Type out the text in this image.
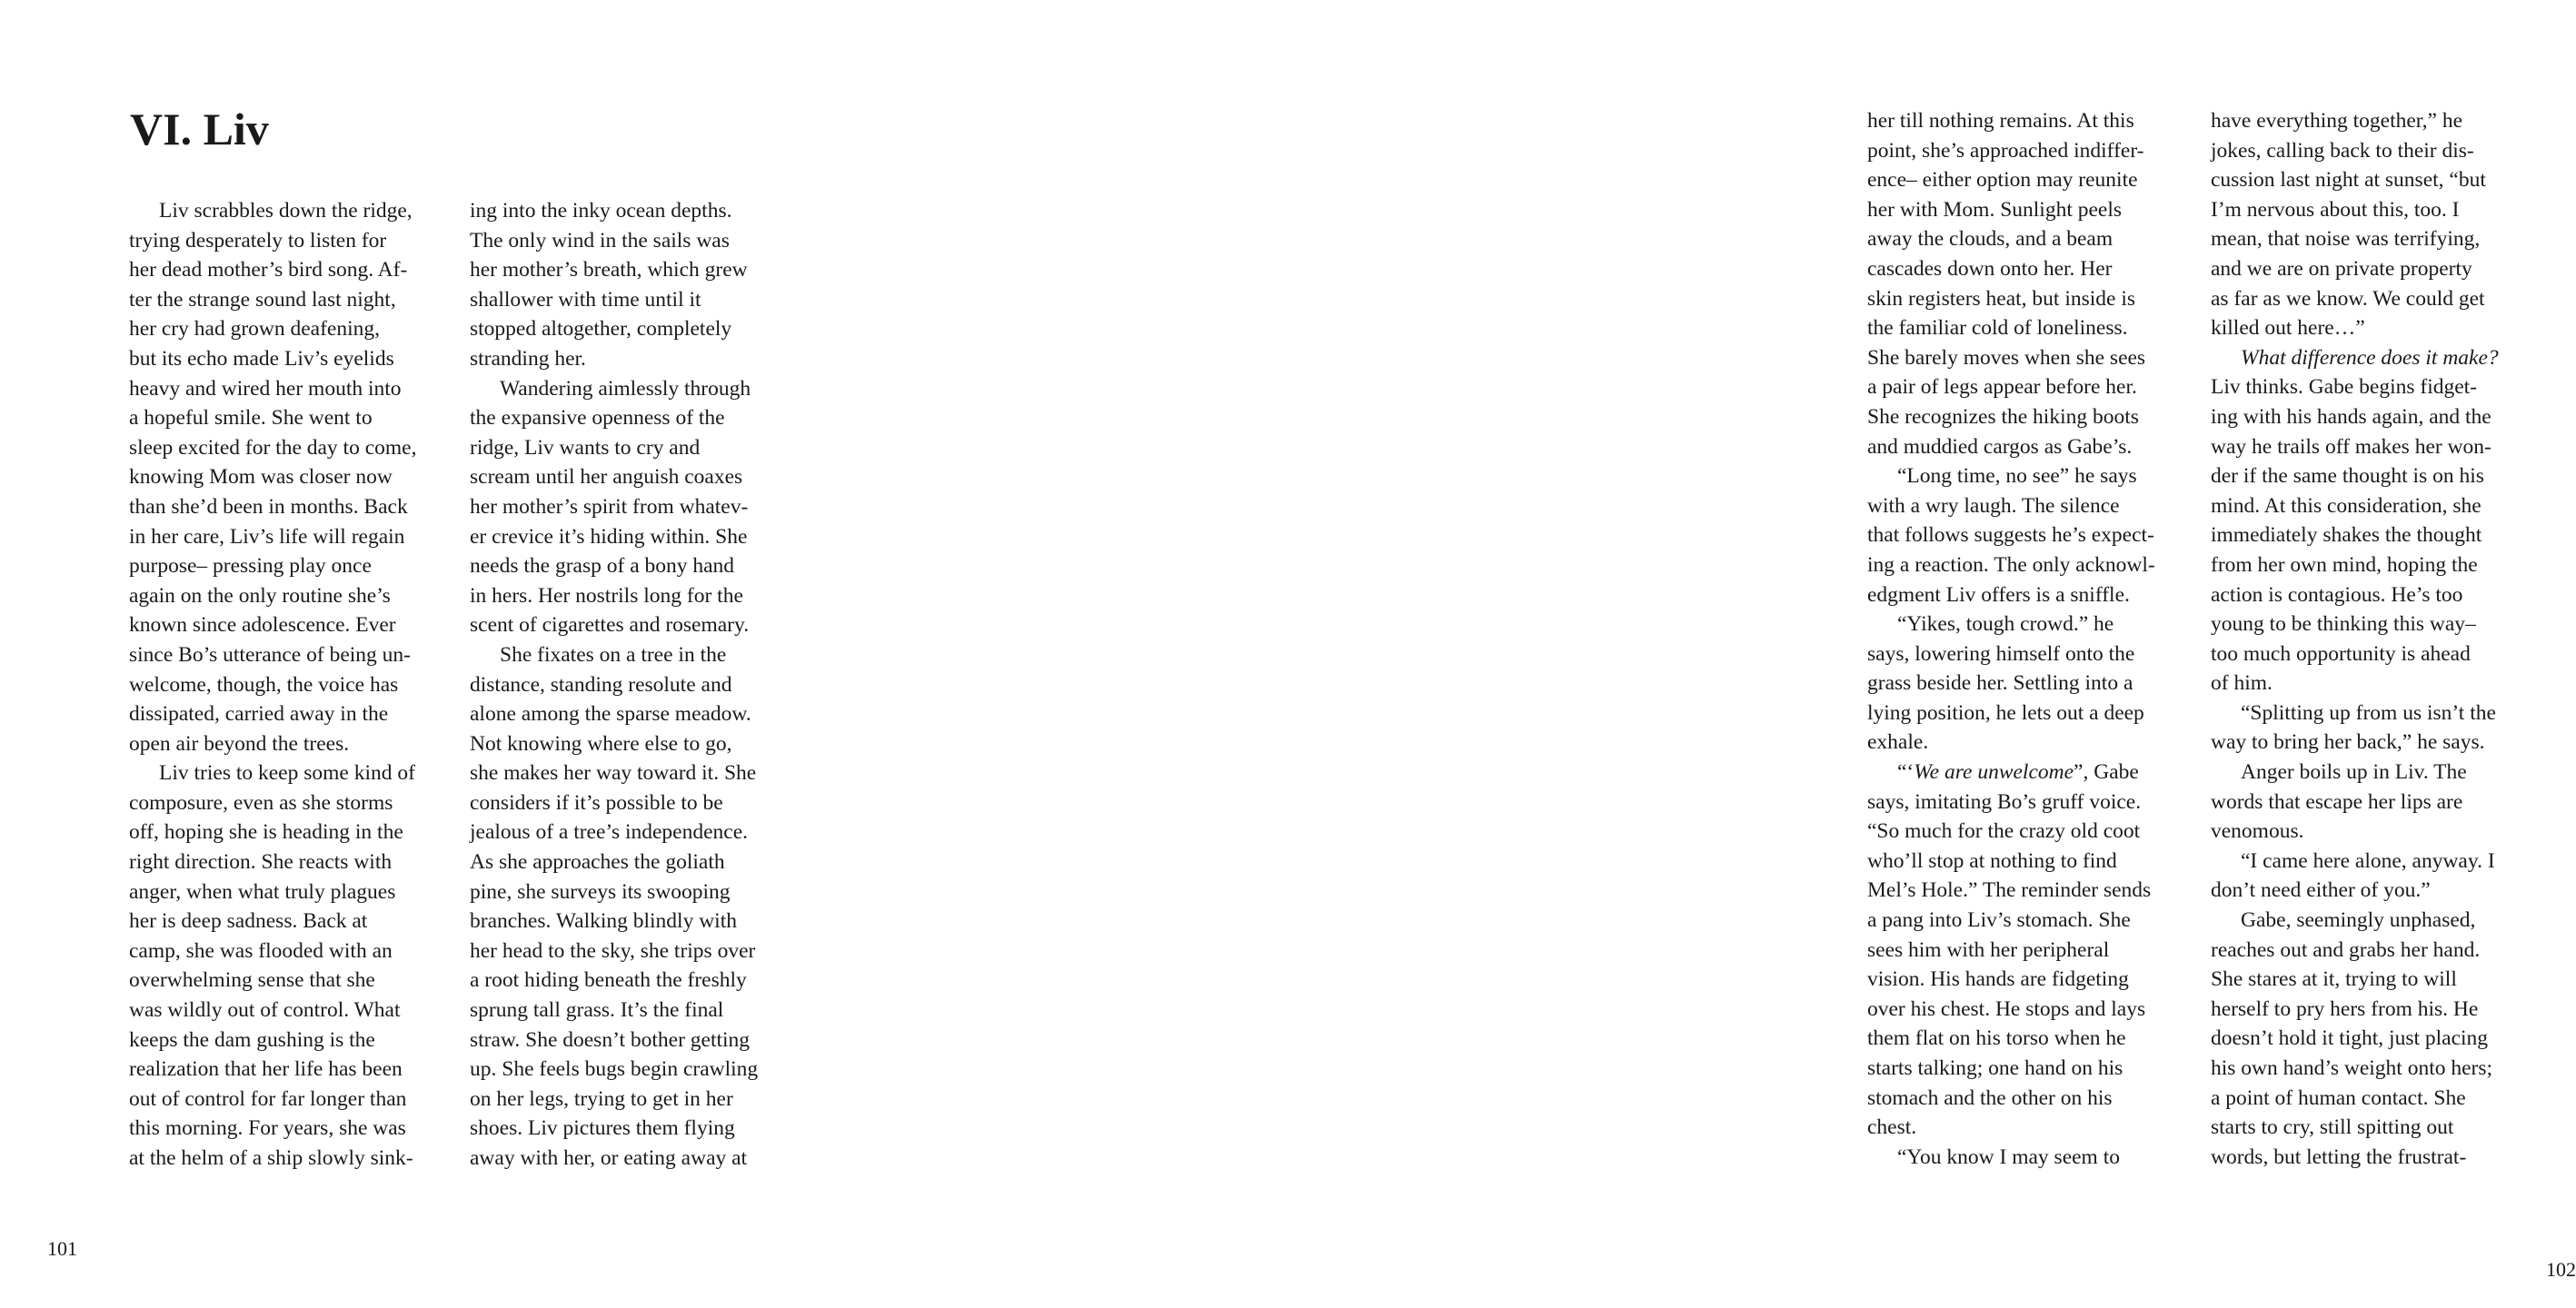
VI. Liv
Liv scrabbles down the ridge,
trying desperately to listen for
her dead mother’s bird song. Af-
ter the strange sound last night,
her cry had grown deafening,
but its echo made Liv’s eyelids
heavy and wired her mouth into
a hopeful smile. She went to
sleep excited for the day to come,
knowing Mom was closer now
than she’d been in months. Back
in her care, Liv’s life will regain
purpose– pressing play once
again on the only routine she’s
known since adolescence. Ever
since Bo’s utterance of being un-
welcome, though, the voice has
dissipated, carried away in the
open air beyond the trees.
Liv tries to keep some kind of
composure, even as she storms
off, hoping she is heading in the
right direction. She reacts with
anger, when what truly plagues
her is deep sadness. Back at
camp, she was flooded with an
overwhelming sense that she
was wildly out of control. What
keeps the dam gushing is the
realization that her life has been
out of control for far longer than
this morning. For years, she was
at the helm of a ship slowly sink-
ing into the inky ocean depths.
The only wind in the sails was
her mother’s breath, which grew
shallower with time until it
stopped altogether, completely
stranding her.
Wandering aimlessly through
the expansive openness of the
ridge, Liv wants to cry and
scream until her anguish coaxes
her mother’s spirit from whatev-
er crevice it’s hiding within. She
needs the grasp of a bony hand
in hers. Her nostrils long for the
scent of cigarettes and rosemary.
She fixates on a tree in the
distance, standing resolute and
alone among the sparse meadow.
Not knowing where else to go,
she makes her way toward it. She
considers if it’s possible to be
jealous of a tree’s independence.
As she approaches the goliath
pine, she surveys its swooping
branches. Walking blindly with
her head to the sky, she trips over
a root hiding beneath the freshly
sprung tall grass. It’s the final
straw. She doesn’t bother getting
up. She feels bugs begin crawling
on her legs, trying to get in her
shoes. Liv pictures them flying
away with her, or eating away at
101
her till nothing remains. At this
point, she’s approached indiffer-
ence– either option may reunite
her with Mom. Sunlight peels
away the clouds, and a beam
cascades down onto her. Her
skin registers heat, but inside is
the familiar cold of loneliness.
She barely moves when she sees
a pair of legs appear before her.
She recognizes the hiking boots
and muddied cargos as Gabe’s.
“Long time, no see” he says
with a wry laugh. The silence
that follows suggests he’s expect-
ing a reaction. The only acknowl-
edgment Liv offers is a sniffle.
“Yikes, tough crowd.” he
says, lowering himself onto the
grass beside her. Settling into a
lying position, he lets out a deep
exhale.
“‘We are unwelcome”, Gabe
says, imitating Bo’s gruff voice.
“So much for the crazy old coot
who’ll stop at nothing to find
Mel’s Hole.” The reminder sends
a pang into Liv’s stomach. She
sees him with her peripheral
vision. His hands are fidgeting
over his chest. He stops and lays
them flat on his torso when he
starts talking; one hand on his
stomach and the other on his
chest.
“You know I may seem to
have everything together,” he
jokes, calling back to their dis-
cussion last night at sunset, “but
I’m nervous about this, too. I
mean, that noise was terrifying,
and we are on private property
as far as we know. We could get
killed out here…”
What difference does it make?
Liv thinks. Gabe begins fidget-
ing with his hands again, and the
way he trails off makes her won-
der if the same thought is on his
mind. At this consideration, she
immediately shakes the thought
from her own mind, hoping the
action is contagious. He’s too
young to be thinking this way–
too much opportunity is ahead
of him.
“Splitting up from us isn’t the
way to bring her back,” he says.
Anger boils up in Liv. The
words that escape her lips are
venomous.
“I came here alone, anyway. I
don’t need either of you.”
Gabe, seemingly unphased,
reaches out and grabs her hand.
She stares at it, trying to will
herself to pry hers from his. He
doesn’t hold it tight, just placing
his own hand’s weight onto hers;
a point of human contact. She
starts to cry, still spitting out
words, but letting the frustrat-
102
